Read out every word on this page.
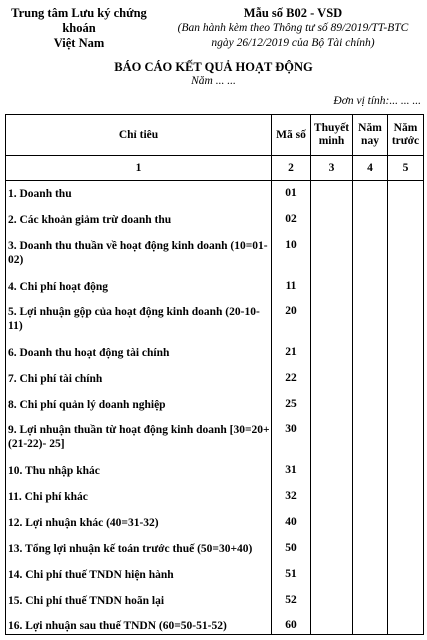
Trung tâm Lưu ký chứng
khoán
Việt Nam
Mẫu số B02 - VSD
(Ban hành kèm theo Thông tư số 89/2019/TT-BTC
ngày 26/12/2019 của Bộ Tài chính)
BÁO CÁO KẾT QUẢ HOẠT ĐỘNG
Năm ... ...
Đơn vị tính:... ... ...
Chỉ tiêu	Mã số	Thuyết minh	Năm nay	Năm trước
1	2	3	4	5
1. Doanh thu	01			
2. Các khoản giảm trừ doanh thu	02			
3. Doanh thu thuần về hoạt động kinh doanh (10=01-02)	10			
4. Chi phí hoạt động	11			
5. Lợi nhuận gộp của hoạt động kinh doanh (20-10-11)	20			
6. Doanh thu hoạt động tài chính	21			
7. Chi phí tài chính	22			
8. Chi phí quản lý doanh nghiệp	25			
9. Lợi nhuận thuần từ hoạt động kinh doanh [30=20+(21-22)- 25]	30			
10. Thu nhập khác	31			
11. Chi phí khác	32			
12. Lợi nhuận khác (40=31-32)	40			
13. Tổng lợi nhuận kế toán trước thuế (50=30+40)	50			
14. Chi phí thuế TNDN hiện hành	51			
15. Chi phí thuế TNDN hoãn lại	52			
16. Lợi nhuận sau thuế TNDN (60=50-51-52)	60			
